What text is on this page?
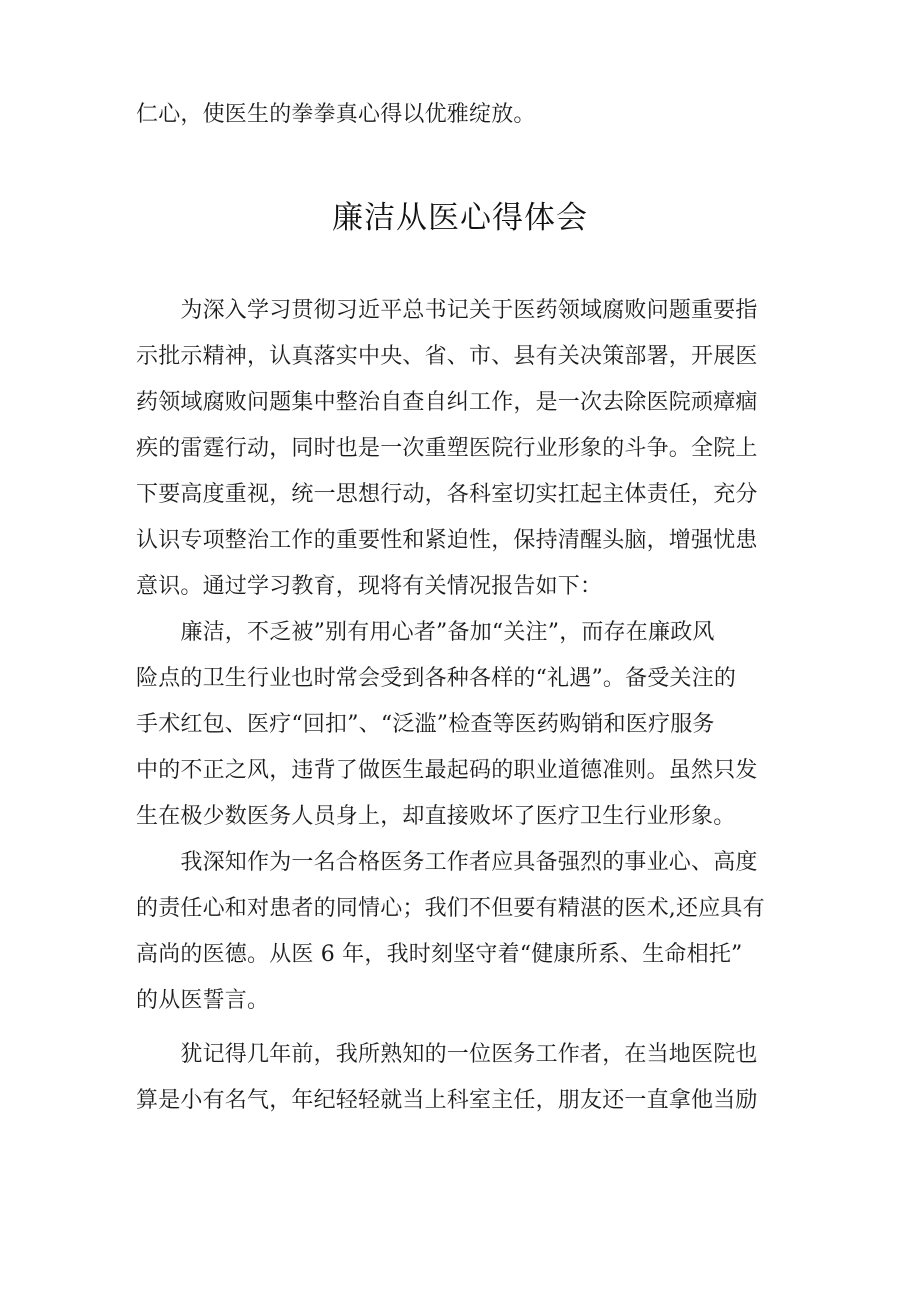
仁心，使医生的拳拳真心得以优雅绽放。
廉洁从医心得体会
　　为深入学习贯彻习近平总书记关于医药领域腐败问题重要指
示批示精神，认真落实中央、省、市、县有关决策部署，开展医
药领域腐败问题集中整治自查自纠工作，是一次去除医院顽瘴痼
疾的雷霆行动，同时也是一次重塑医院行业形象的斗争。全院上
下要高度重视，统一思想行动，各科室切实扛起主体责任，充分
认识专项整治工作的重要性和紧迫性，保持清醒头脑，增强忧患
意识。通过学习教育，现将有关情况报告如下：
　　廉洁，不乏被”别有用心者”备加“关注”，而存在廉政风
险点的卫生行业也时常会受到各种各样的“礼遇”。备受关注的
手术红包、医疗“回扣”、“泛滥”检查等医药购销和医疗服务
中的不正之风，违背了做医生最起码的职业道德准则。虽然只发
生在极少数医务人员身上，却直接败坏了医疗卫生行业形象。
　　我深知作为一名合格医务工作者应具备强烈的事业心、高度
的责任心和对患者的同情心；我们不但要有精湛的医术,还应具有
高尚的医德。从医 6 年，我时刻坚守着“健康所系、生命相托”
的从医誓言。
　　犹记得几年前，我所熟知的一位医务工作者，在当地医院也
算是小有名气，年纪轻轻就当上科室主任，朋友还一直拿他当励
